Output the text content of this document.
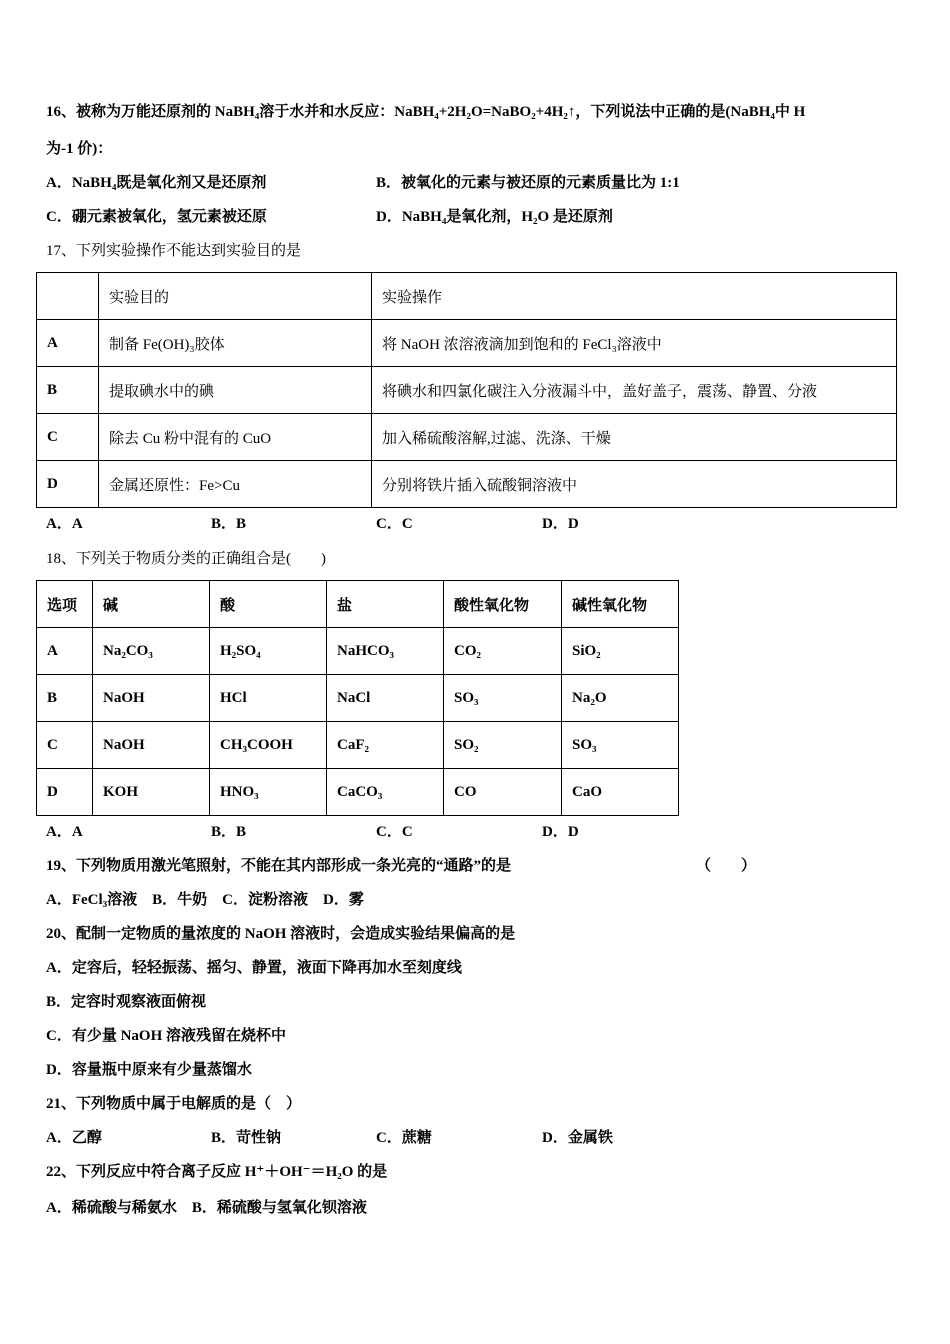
16、被称为万能还原剂的 NaBH₄溶于水并和水反应：NaBH₄+2H₂O=NaBO₂+4H₂↑，下列说法中正确的是(NaBH₄中 H
为-1 价)：
A．NaBH₄既是氧化剂又是还原剂	B．被氧化的元素与被还原的元素质量比为 1:1
C．硼元素被氧化，氢元素被还原	D．NaBH₄是氧化剂，H₂O 是还原剂
17、下列实验操作不能达到实验目的是
	实验目的	实验操作
A	制备 Fe(OH)₃胶体	将 NaOH 浓溶液滴加到饱和的 FeCl₃溶液中
B	提取碘水中的碘	将碘水和四氯化碳注入分液漏斗中，盖好盖子，震荡、静置、分液
C	除去 Cu 粉中混有的 CuO	加入稀硫酸溶解,过滤、洗涤、干燥
D	金属还原性：Fe>Cu	分别将铁片插入硫酸铜溶液中
A．A	B．B	C．C	D．D
18、下列关于物质分类的正确组合是(　　)
选项	碱	酸	盐	酸性氧化物	碱性氧化物
A	Na₂CO₃	H₂SO₄	NaHCO₃	CO₂	SiO₂
B	NaOH	HCl	NaCl	SO₃	Na₂O
C	NaOH	CH₃COOH	CaF₂	SO₂	SO₃
D	KOH	HNO₃	CaCO₃	CO	CaO
A．A	B．B	C．C	D．D
19、下列物质用激光笔照射，不能在其内部形成一条光亮的“通路”的是	（　　）
A．FeCl₃溶液　B．牛奶　C．淀粉溶液　D．雾
20、配制一定物质的量浓度的 NaOH 溶液时，会造成实验结果偏高的是
A．定容后，轻轻振荡、摇匀、静置，液面下降再加水至刻度线
B．定容时观察液面俯视
C．有少量 NaOH 溶液残留在烧杯中
D．容量瓶中原来有少量蒸馏水
21、下列物质中属于电解质的是（　）
A．乙醇	B．苛性钠	C．蔗糖	D．金属铁
22、下列反应中符合离子反应 H⁺＋OH⁻＝H₂O 的是
A．稀硫酸与稀氨水　B．稀硫酸与氢氧化钡溶液
